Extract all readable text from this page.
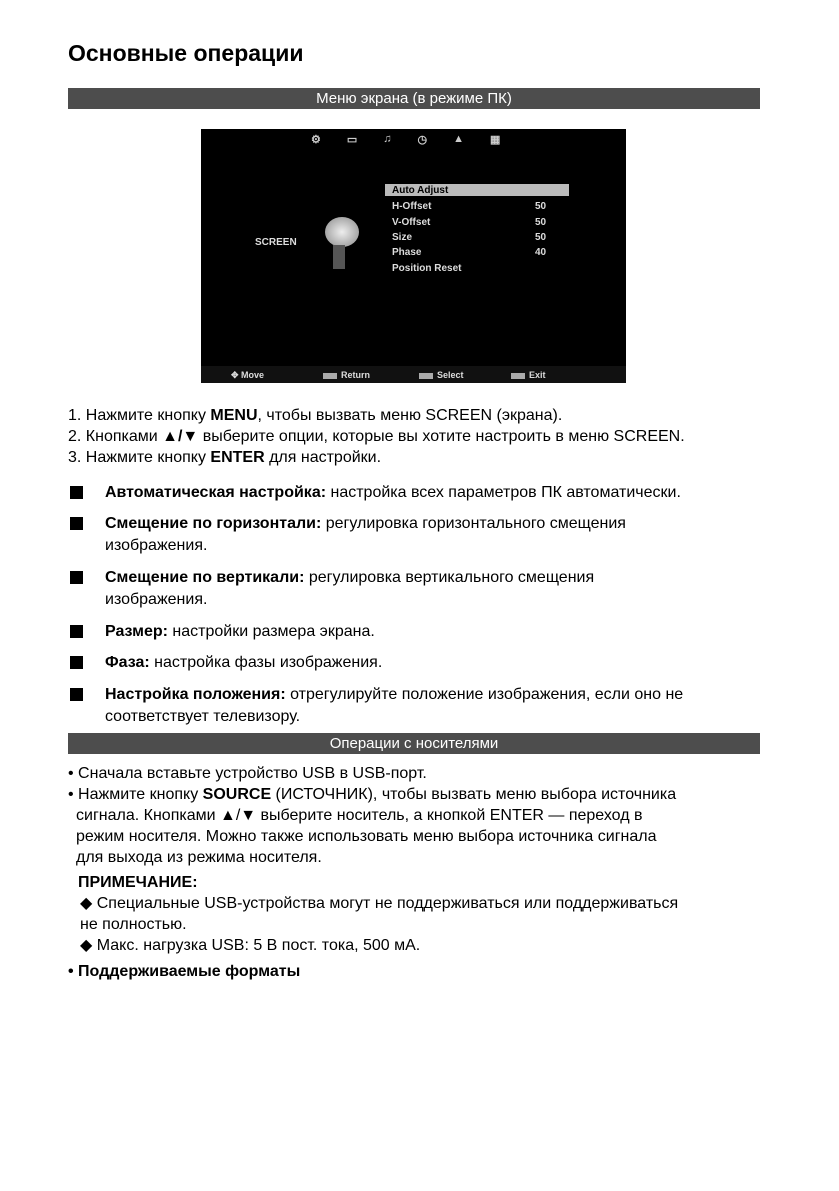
Основные операции
Меню экрана (в режиме ПК)
⚙ ▭ ♫ ◷ ▲ ▦
SCREEN
Auto Adjust
H-Offset	50
V-Offset	50
Size	50
Phase	40
Position Reset
✥ Move	Return	Select	Exit
1. Нажмите кнопку MENU, чтобы вызвать меню SCREEN (экрана).
2. Кнопками ▲/▼ выберите опции, которые вы хотите настроить в меню SCREEN.
3. Нажмите кнопку ENTER для настройки.
Автоматическая настройка: настройка всех параметров ПК автоматически.
Смещение по горизонтали: регулировка горизонтального смещения
изображения.
Смещение по вертикали: регулировка вертикального смещения
изображения.
Размер: настройки размера экрана.
Фаза: настройка фазы изображения.
Настройка положения: отрегулируйте положение изображения, если оно не
соответствует телевизору.
Операции с носителями
• Сначала вставьте устройство USB в USB-порт.
• Нажмите кнопку SOURCE (ИСТОЧНИК), чтобы вызвать меню выбора источника
сигнала. Кнопками ▲/▼ выберите носитель, а кнопкой ENTER — переход в
режим носителя. Можно также использовать меню выбора источника сигнала
для выхода из режима носителя.
ПРИМЕЧАНИЕ:
◆ Специальные USB-устройства могут не поддерживаться или поддерживаться
не полностью.
◆ Макс. нагрузка USB: 5 В пост. тока, 500 мА.
• Поддерживаемые форматы
